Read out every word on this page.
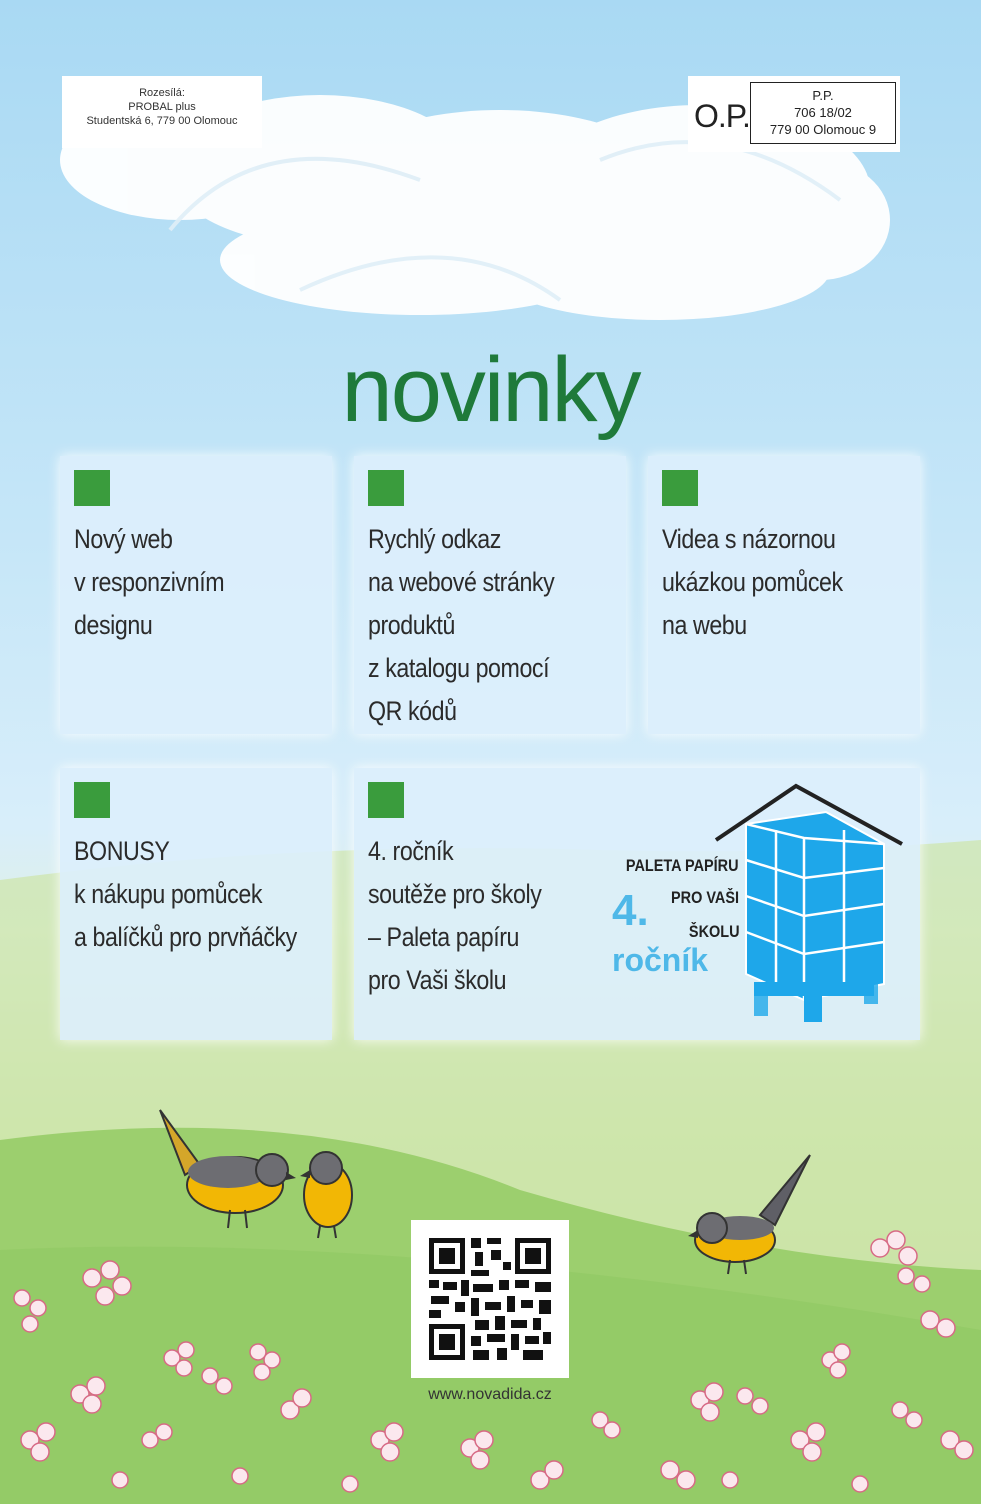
Rozesílá:
PROBAL plus
Studentská 6, 779 00 Olomouc	O.P.
P.P.
706 18/02
779 00 Olomouc 9
novinky
Nový web
v responzivním
designu
Rychlý odkaz
na webové stránky
produktů
z katalogu pomocí
QR kódů
Videa s názornou
ukázkou pomůcek
na webu
BONUSY
k nákupu pomůcek
a balíčků pro prvňáčky
4. ročník
soutěže pro školy
– Paleta papíru
pro Vaši školu
PALETA PAPÍRU
PRO VAŠI
ŠKOLU
4.
ročník
www.novadida.cz
